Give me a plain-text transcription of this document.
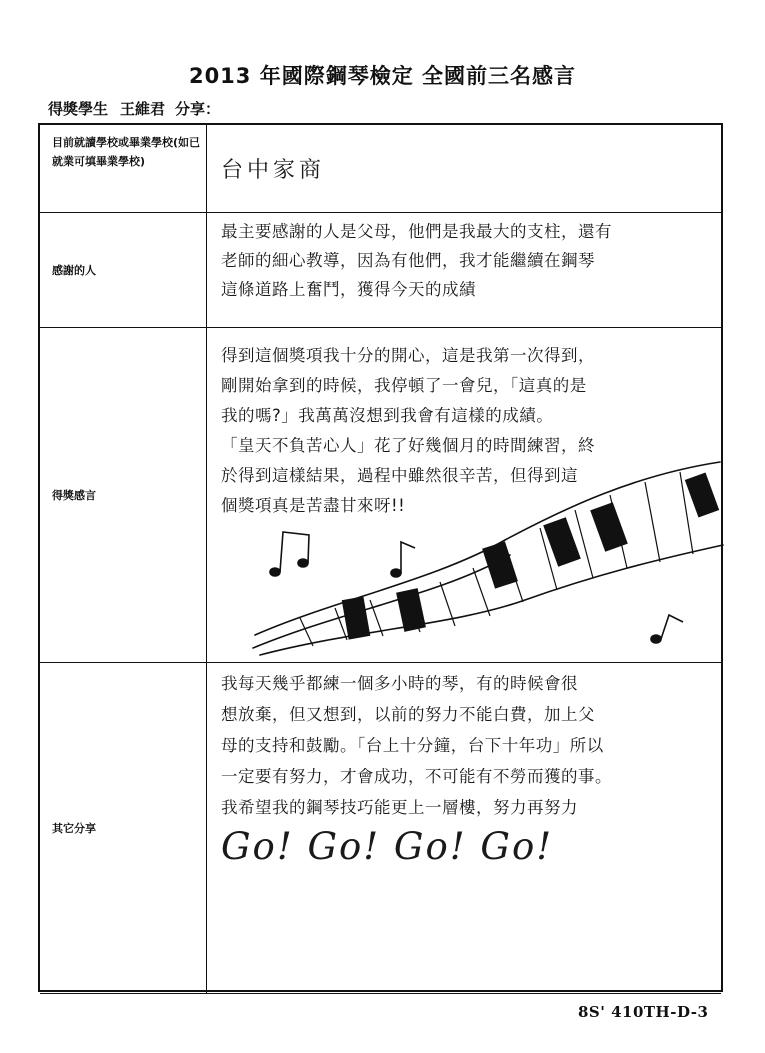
2013 年國際鋼琴檢定 全國前三名感言
得獎學生 王維君 分享：
目前就讀學校或畢業學校(如已就業可填畢業學校)
感謝的人
得獎感言
其它分享
台中家商

最主要感謝的人是父母，他們是我最大的支柱，還有

老師的細心教導，因為有他們，我才能繼續在鋼琴

這條道路上奮鬥，獲得今天的成績

得到這個獎項我十分的開心，這是我第一次得到，

剛開始拿到的時候，我停頓了一會兒，「這真的是

我的嗎?」我萬萬沒想到我會有這樣的成績。

「皇天不負苦心人」花了好幾個月的時間練習，終

於得到這樣結果，過程中雖然很辛苦，但得到這

個獎項真是苦盡甘來呀!!

我每天幾乎都練一個多小時的琴，有的時候會很

想放棄，但又想到，以前的努力不能白費，加上父

母的支持和鼓勵。「台上十分鐘，台下十年功」所以

一定要有努力，才會成功，不可能有不勞而獲的事。

我希望我的鋼琴技巧能更上一層樓，努力再努力

Go! Go! Go! Go!
8S' 410TH-D-3
